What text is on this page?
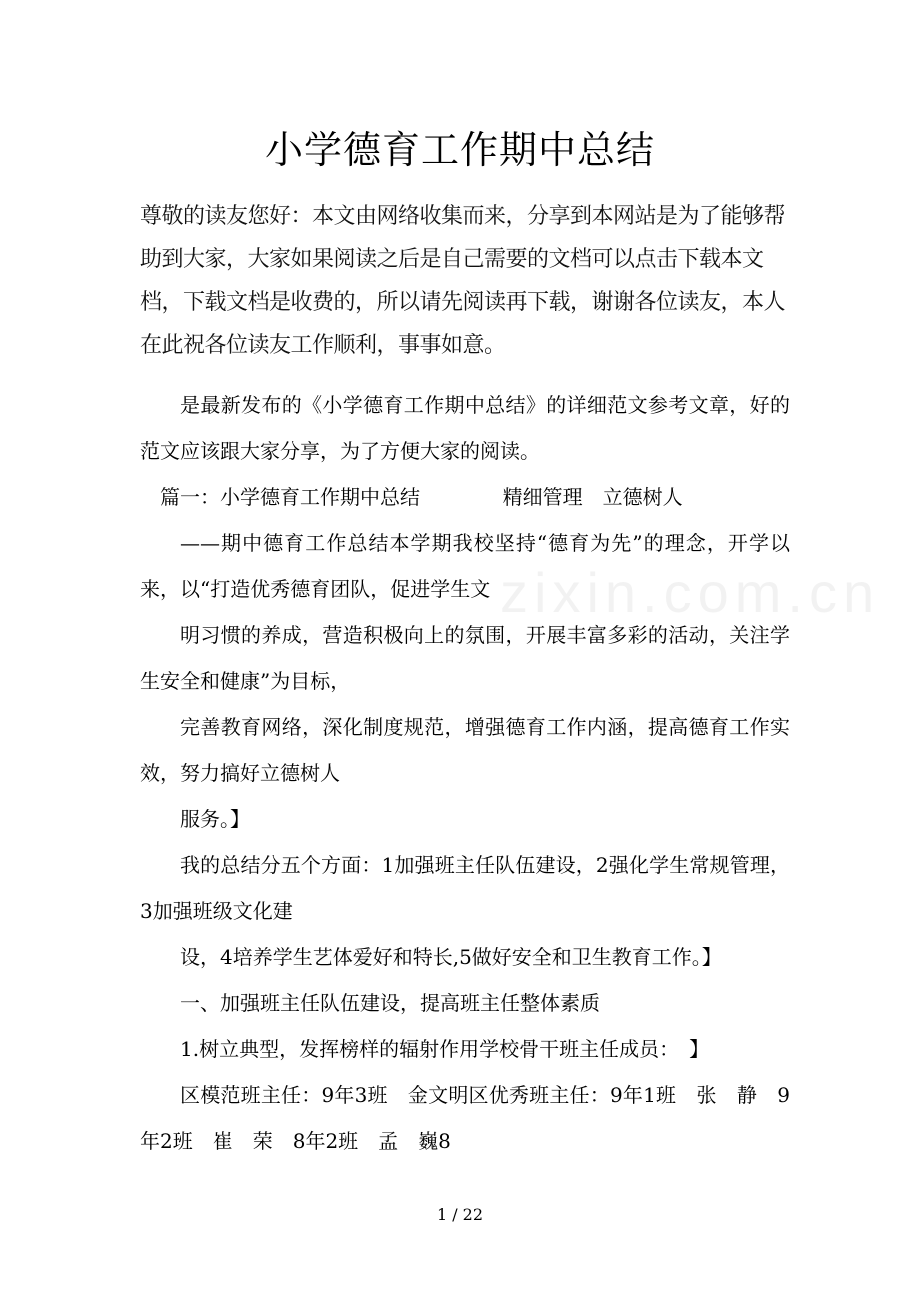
zixin.com.cn
小学德育工作期中总结
尊敬的读友您好：本文由网络收集而来，分享到本网站是为了能够帮助到大家，大家如果阅读之后是自己需要的文档可以点击下载本文档，下载文档是收费的，所以请先阅读再下载，谢谢各位读友，本人在此祝各位读友工作顺利，事事如意。

是最新发布的《小学德育工作期中总结》的详细范文参考文章，好的范文应该跟大家分享，为了方便大家的阅读。

篇一：小学德育工作期中总结	精细管理　立德树人

——期中德育工作总结本学期我校坚持“德育为先”的理念，开学以来，以“打造优秀德育团队，促进学生文

明习惯的养成，营造积极向上的氛围，开展丰富多彩的活动，关注学生安全和健康”为目标，

完善教育网络，深化制度规范，增强德育工作内涵，提高德育工作实效，努力搞好立德树人

服务。】

我的总结分五个方面：1加强班主任队伍建设，2强化学生常规管理，3加强班级文化建

设，4培养学生艺体爱好和特长,5做好安全和卫生教育工作。】

一、加强班主任队伍建设，提高班主任整体素质

1.树立典型，发挥榜样的辐射作用学校骨干班主任成员：　】

区模范班主任：9年3班　金文明区优秀班主任：9年1班　张　静　9年2班　崔　荣　8年2班　孟　巍8

1 / 22
